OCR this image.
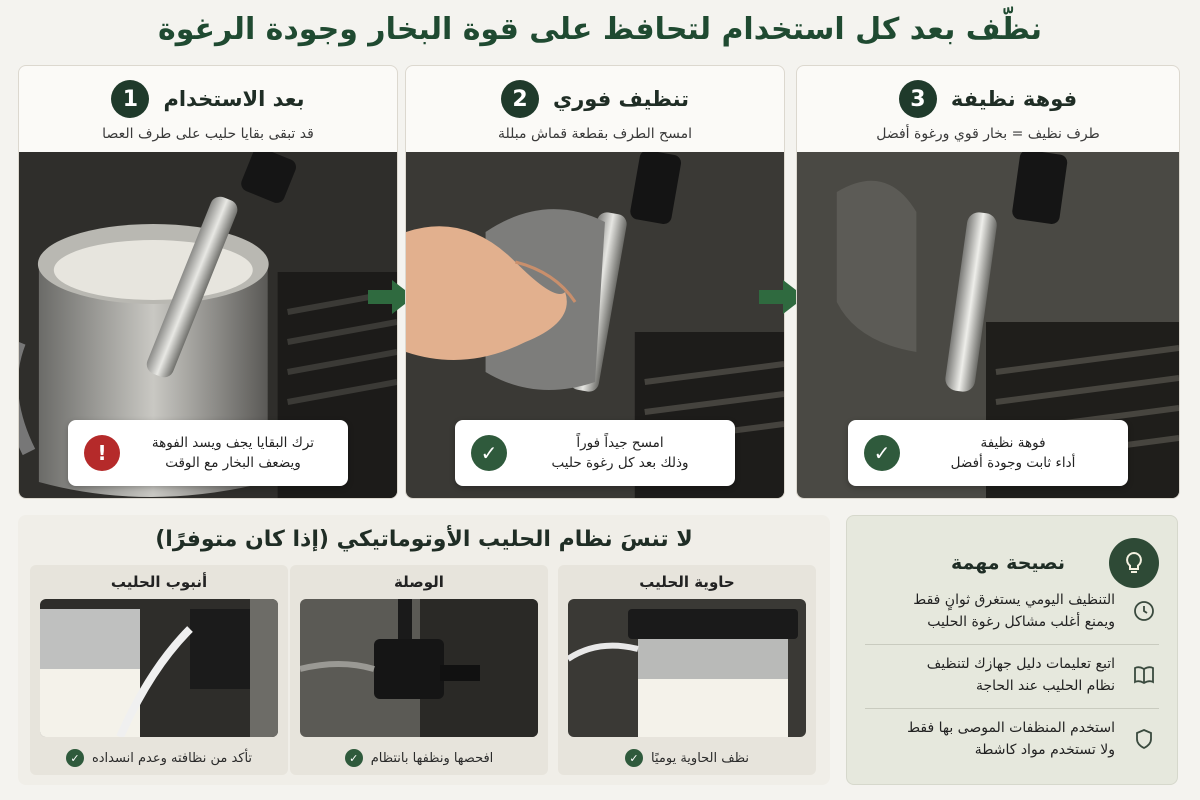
نظّف بعد كل استخدام لتحافظ على قوة البخار وجودة الرغوة
بعد الاستخدام
1
قد تبقى بقايا حليب على طرف العصا
ترك البقايا يجف ويسد الفوهة
ويضعف البخار مع الوقت
!
تنظيف فوري
2
امسح الطرف بقطعة قماش مبللة
امسح جيداً فوراً
وذلك بعد كل رغوة حليب
✓
فوهة نظيفة
3
طرف نظيف = بخار قوي ورغوة أفضل
فوهة نظيفة
أداء ثابت وجودة أفضل
✓
لا تنسَ نظام الحليب الأوتوماتيكي (إذا كان متوفرًا)
حاوية الحليب
نظف الحاوية يوميًا
✓
الوصلة
افحصها ونظفها بانتظام
✓
أنبوب الحليب
تأكد من نظافته وعدم انسداده
✓
نصيحة مهمة
التنظيف اليومي يستغرق ثوانٍ فقط
ويمنع أغلب مشاكل رغوة الحليب
اتبع تعليمات دليل جهازك لتنظيف
نظام الحليب عند الحاجة
استخدم المنظفات الموصى بها فقط
ولا تستخدم مواد كاشطة
